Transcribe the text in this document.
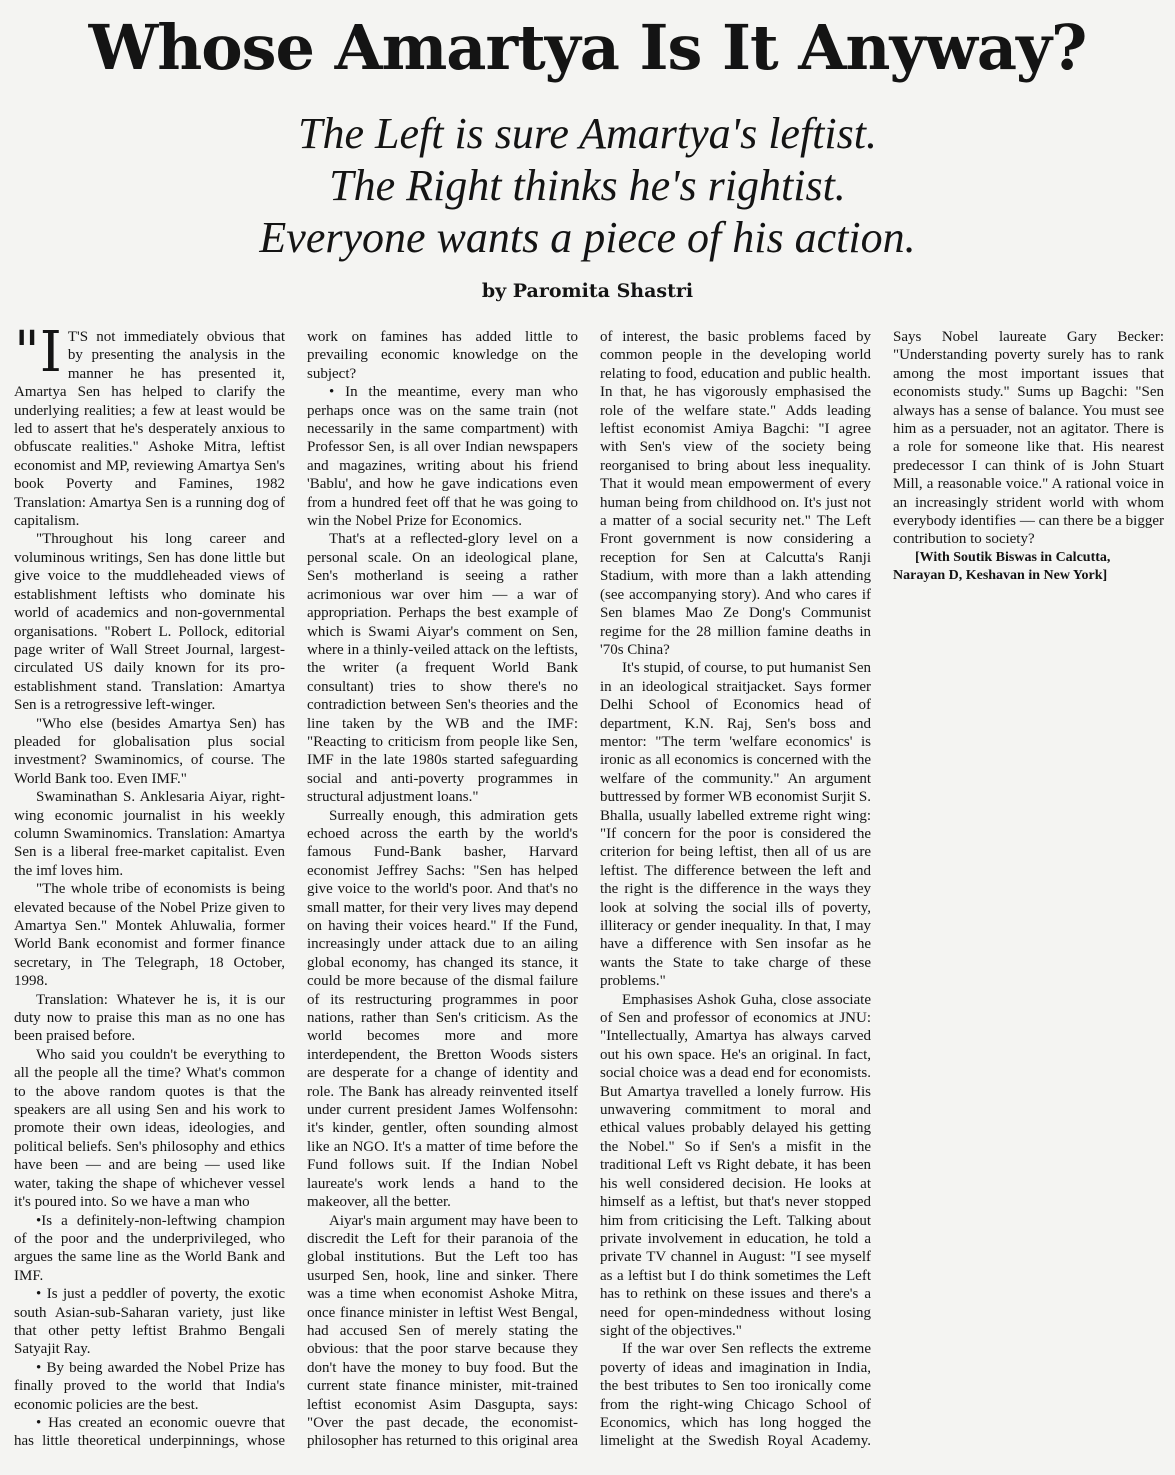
Whose Amartya Is It Anyway?
The Left is sure Amartya's leftist.
The Right thinks he's rightist.
Everyone wants a piece of his action.
by Paromita Shastri

"I T'S not immediately obvious that by presenting the analysis in the manner he has presented it, Amartya Sen has helped to clarify the underlying realities; a few at least would be led to assert that he's desperately anxious to obfuscate realities." Ashoke Mitra, leftist economist and MP, reviewing Amartya Sen's book Poverty and Famines, 1982 Translation: Amartya Sen is a running dog of capitalism.

"Throughout his long career and voluminous writings, Sen has done little but give voice to the muddleheaded views of establishment leftists who dominate his world of academics and non-governmental organisations. "Robert L. Pollock, editorial page writer of Wall Street Journal, largest-circulated US daily known for its pro-establishment stand. Translation: Amartya Sen is a retrogressive left-winger.

"Who else (besides Amartya Sen) has pleaded for globalisation plus social investment? Swaminomics, of course. The World Bank too. Even IMF."

Swaminathan S. Anklesaria Aiyar, right-wing economic journalist in his weekly column Swaminomics. Translation: Amartya Sen is a liberal free-market capitalist. Even the imf loves him.

"The whole tribe of economists is being elevated because of the Nobel Prize given to Amartya Sen." Montek Ahluwalia, former World Bank economist and former finance secretary, in The Telegraph, 18 October, 1998.

Translation: Whatever he is, it is our duty now to praise this man as no one has been praised before.

Who said you couldn't be everything to all the people all the time? What's common to the above random quotes is that the speakers are all using Sen and his work to promote their own ideas, ideologies, and political beliefs. Sen's philosophy and ethics have been — and are being — used like water, taking the shape of whichever vessel it's poured into. So we have a man who

•Is a definitely-non-leftwing champion of the poor and the underprivileged, who argues the same line as the World Bank and IMF.

• Is just a peddler of poverty, the exotic south Asian-sub-Saharan variety, just like that other petty leftist Brahmo Bengali Satyajit Ray.

• By being awarded the Nobel Prize has finally proved to the world that India's economic policies are the best.

• Has created an economic ouevre that has little theoretical underpinnings, whose work on famines has added little to prevailing economic knowledge on the subject?

• In the meantime, every man who perhaps once was on the same train (not necessarily in the same compartment) with Professor Sen, is all over Indian newspapers and magazines, writing about his friend 'Bablu', and how he gave indications even from a hundred feet off that he was going to win the Nobel Prize for Economics.

That's at a reflected-glory level on a personal scale. On an ideological plane, Sen's motherland is seeing a rather acrimonious war over him — a war of appropriation. Perhaps the best example of which is Swami Aiyar's comment on Sen, where in a thinly-veiled attack on the leftists, the writer (a frequent World Bank consultant) tries to show there's no contradiction between Sen's theories and the line taken by the WB and the IMF: "Reacting to criticism from people like Sen, IMF in the late 1980s started safeguarding social and anti-poverty programmes in structural adjustment loans."

Surreally enough, this admiration gets echoed across the earth by the world's famous Fund-Bank basher, Harvard economist Jeffrey Sachs: "Sen has helped give voice to the world's poor. And that's no small matter, for their very lives may depend on having their voices heard." If the Fund, increasingly under attack due to an ailing global economy, has changed its stance, it could be more because of the dismal failure of its restructuring programmes in poor nations, rather than Sen's criticism. As the world becomes more and more interdependent, the Bretton Woods sisters are desperate for a change of identity and role. The Bank has already reinvented itself under current president James Wolfensohn: it's kinder, gentler, often sounding almost like an NGO. It's a matter of time before the Fund follows suit. If the Indian Nobel laureate's work lends a hand to the makeover, all the better.

Aiyar's main argument may have been to discredit the Left for their paranoia of the global institutions. But the Left too has usurped Sen, hook, line and sinker. There was a time when economist Ashoke Mitra, once finance minister in leftist West Bengal, had accused Sen of merely stating the obvious: that the poor starve because they don't have the money to buy food. But the current state finance minister, mit-trained leftist economist Asim Dasgupta, says: "Over the past decade, the economist-philosopher has returned to this original area of interest, the basic problems faced by common people in the developing world relating to food, education and public health. In that, he has vigorously emphasised the role of the welfare state." Adds leading leftist economist Amiya Bagchi: "I agree with Sen's view of the society being reorganised to bring about less inequality. That it would mean empowerment of every human being from childhood on. It's just not a matter of a social security net." The Left Front government is now considering a reception for Sen at Calcutta's Ranji Stadium, with more than a lakh attending (see accompanying story). And who cares if Sen blames Mao Ze Dong's Communist regime for the 28 million famine deaths in '70s China?

It's stupid, of course, to put humanist Sen in an ideological straitjacket. Says former Delhi School of Economics head of department, K.N. Raj, Sen's boss and mentor: "The term 'welfare economics' is ironic as all economics is concerned with the welfare of the community." An argument buttressed by former WB economist Surjit S. Bhalla, usually labelled extreme right wing: "If concern for the poor is considered the criterion for being leftist, then all of us are leftist. The difference between the left and the right is the difference in the ways they look at solving the social ills of poverty, illiteracy or gender inequality. In that, I may have a difference with Sen insofar as he wants the State to take charge of these problems."

Emphasises Ashok Guha, close associate of Sen and professor of economics at JNU: "Intellectually, Amartya has always carved out his own space. He's an original. In fact, social choice was a dead end for economists. But Amartya travelled a lonely furrow. His unwavering commitment to moral and ethical values probably delayed his getting the Nobel." So if Sen's a misfit in the traditional Left vs Right debate, it has been his well considered decision. He looks at himself as a leftist, but that's never stopped him from criticising the Left. Talking about private involvement in education, he told a private TV channel in August: "I see myself as a leftist but I do think sometimes the Left has to rethink on these issues and there's a need for open-mindedness without losing sight of the objectives."

If the war over Sen reflects the extreme poverty of ideas and imagination in India, the best tributes to Sen too ironically come from the right-wing Chicago School of Economics, which has long hogged the limelight at the Swedish Royal Academy. Says Nobel laureate Gary Becker: "Understanding poverty surely has to rank among the most important issues that economists study." Sums up Bagchi: "Sen always has a sense of balance. You must see him as a persuader, not an agitator. There is a role for someone like that. His nearest predecessor I can think of is John Stuart Mill, a reasonable voice." A rational voice in an increasingly strident world with whom everybody identifies — can there be a bigger contribution to society?

[With Soutik Biswas in Calcutta, Narayan D, Keshavan in New York]
